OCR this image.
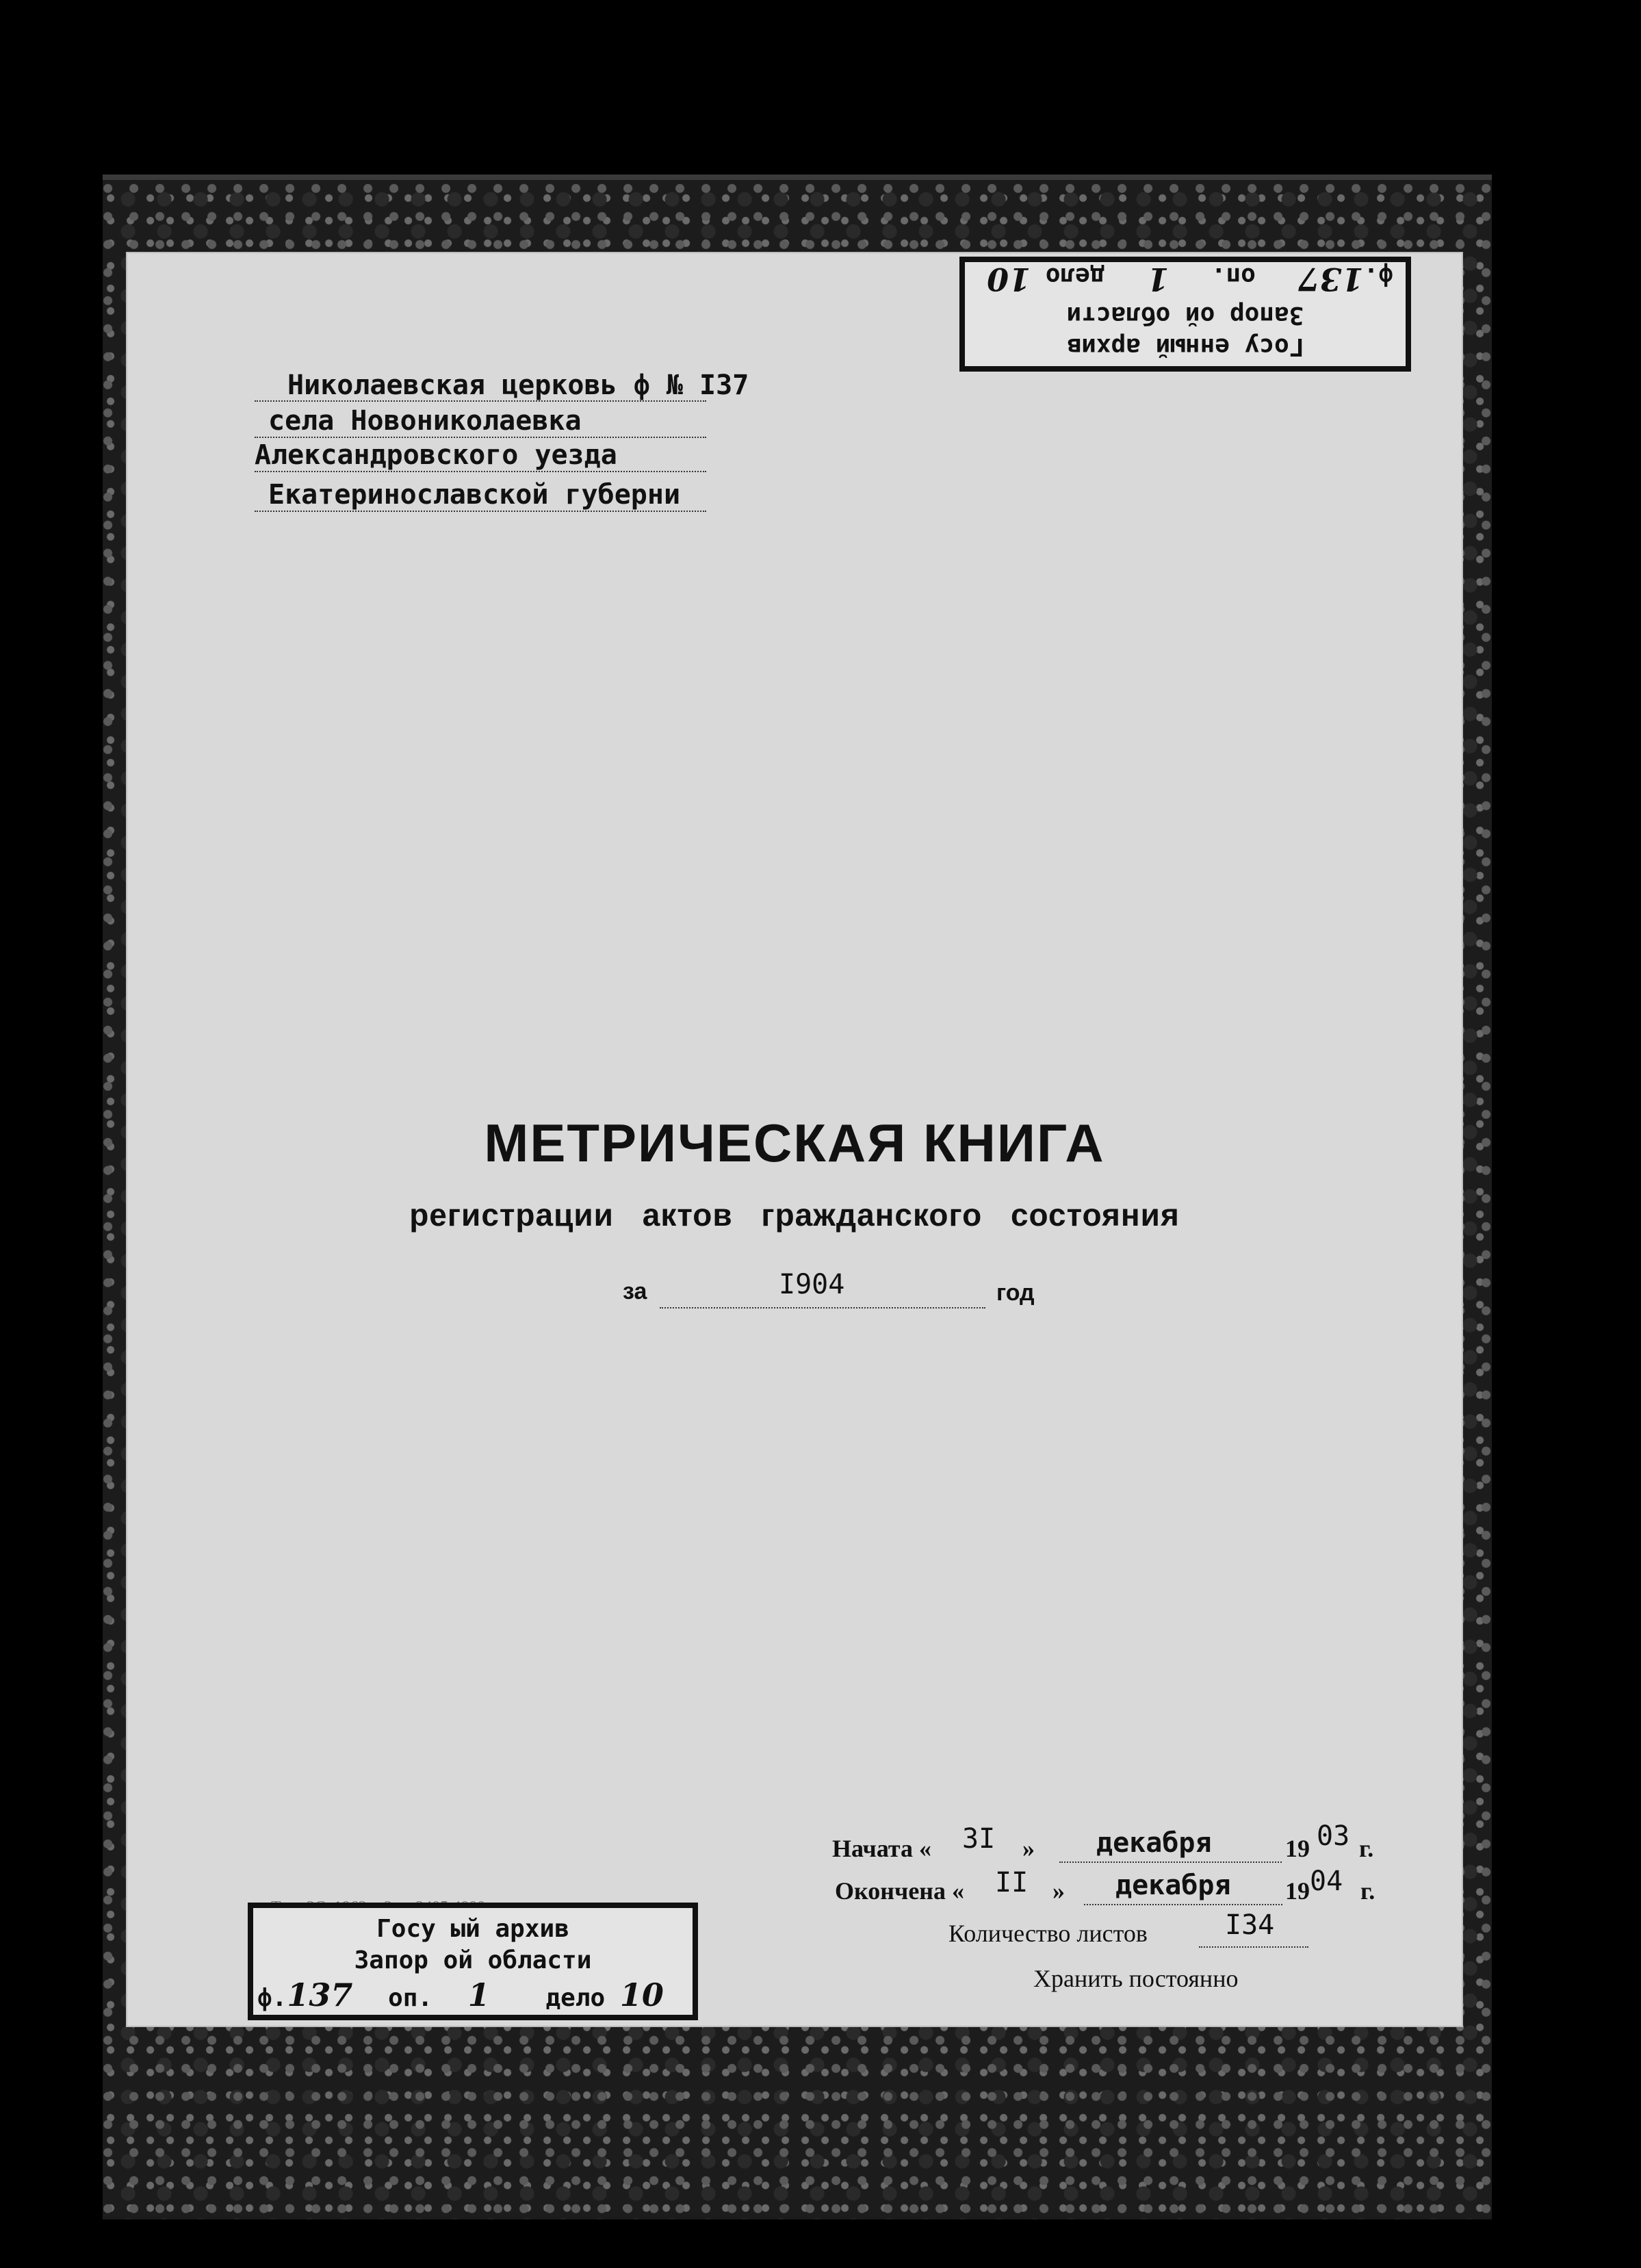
Госу енный архив
Запор ой области
ф.137 оп. 1 дело 10
Николаевская церковь ф № I37
села Новониколаевка
Александровского уезда
Екатеринославской губерни
МЕТРИЧЕСКАЯ КНИГА
регистрации актов гражданского состояния
за	I904	год
Начата « 3I » декабря	19 03 г.
Окончена « II » декабря 19 04 г.
Количество листов	I34
Хранить постоянно
Госу ый архив
Запор ой области
ф.137 оп. 1 дело 10
